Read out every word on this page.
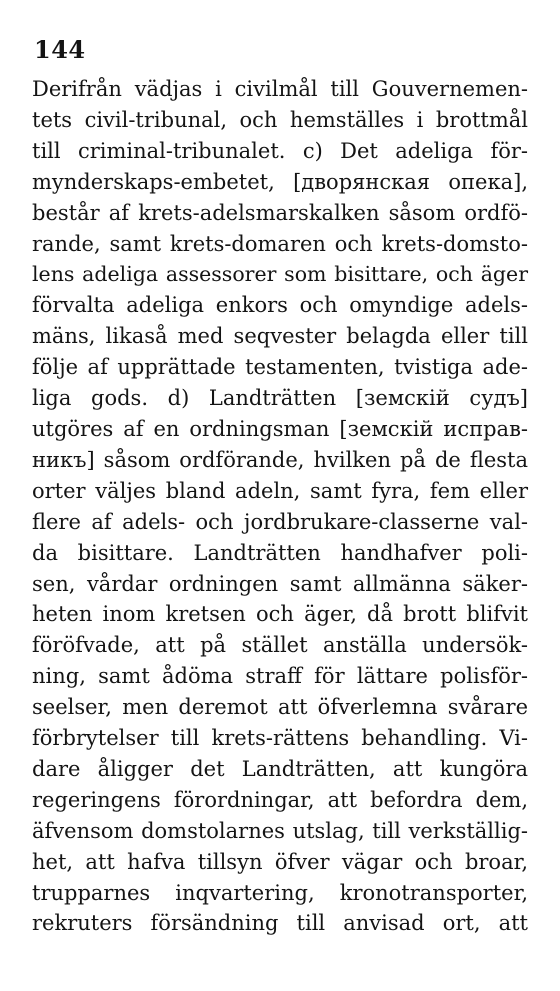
144
Derifrån vädjas i civilmål till Gouvernemen-
tets civil-tribunal, och hemställes i brottmål
till criminal-tribunalet. c) Det adeliga för-
mynderskaps-embetet, [дворянская опека],
består af krets-adelsmarskalken såsom ordfö-
rande, samt krets-domaren och krets-domsto-
lens adeliga assessorer som bisittare, och äger
förvalta adeliga enkors och omyndige adels-
mäns, likaså med seqvester belagda eller till
följe af upprättade testamenten, tvistiga ade-
liga gods. d) Landträtten [земскій судъ]
utgöres af en ordningsman [земскій исправ-
никъ] såsom ordförande, hvilken på de flesta
orter väljes bland adeln, samt fyra, fem eller
flere af adels- och jordbrukare-classerne val-
da bisittare. Landträtten handhafver poli-
sen, vårdar ordningen samt allmänna säker-
heten inom kretsen och äger, då brott blifvit
föröfvade, att på stället anställa undersök-
ning, samt ådöma straff för lättare polisför-
seelser, men deremot att öfverlemna svårare
förbrytelser till krets-rättens behandling. Vi-
dare åligger det Landträtten, att kungöra
regeringens förordningar, att befordra dem,
äfvensom domstolarnes utslag, till verkställig-
het, att hafva tillsyn öfver vägar och broar,
trupparnes inqvartering, kronotransporter,
rekruters försändning till anvisad ort, att
